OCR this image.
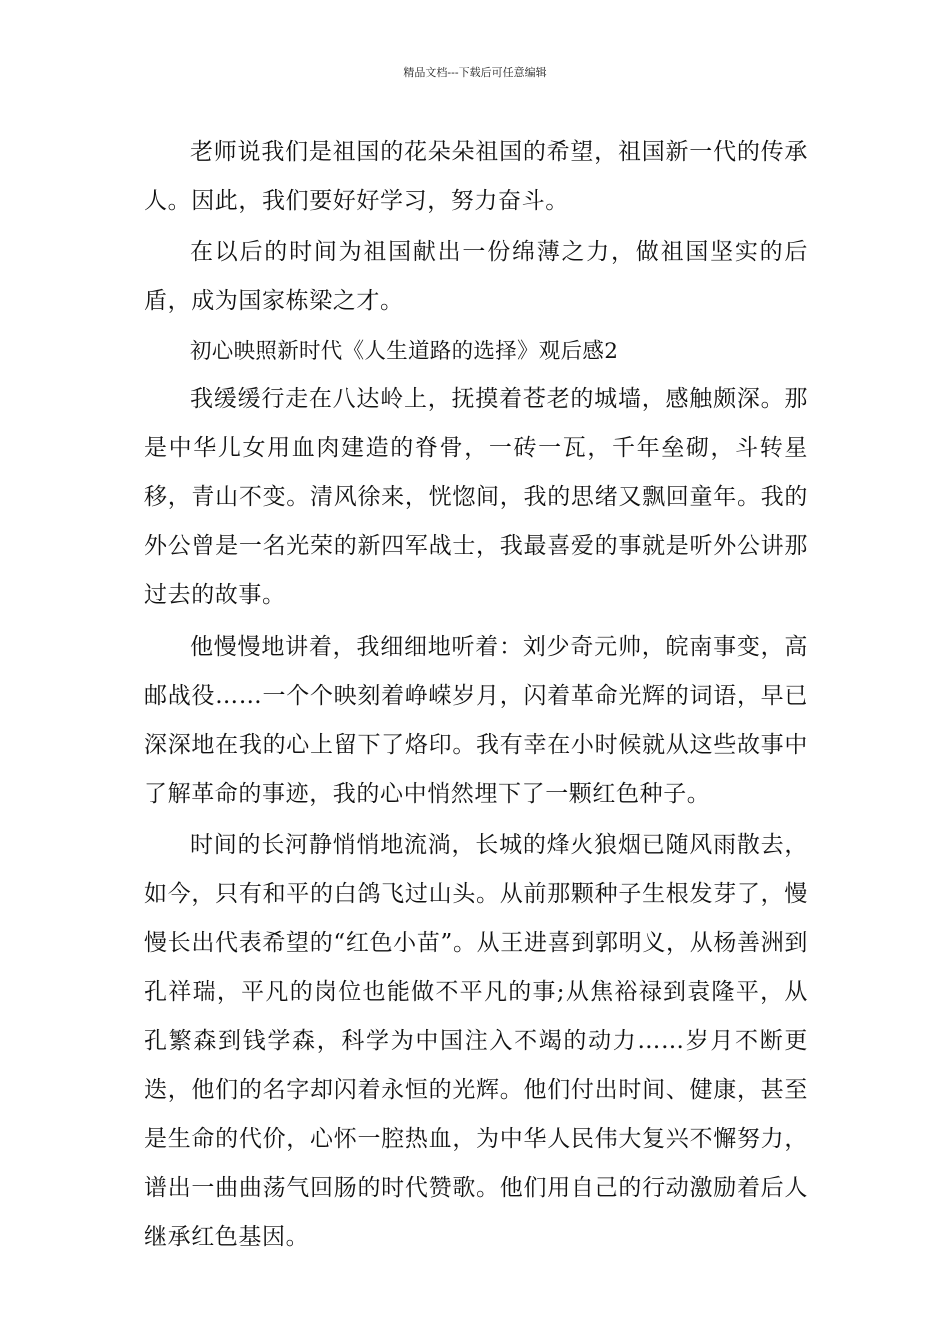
精品文档---下载后可任意编辑

老师说我们是祖国的花朵朵祖国的希望，祖国新一代的传承人。因此，我们要好好学习，努力奋斗。

在以后的时间为祖国献出一份绵薄之力，做祖国坚实的后盾，成为国家栋梁之才。

初心映照新时代《人生道路的选择》观后感2

我缓缓行走在八达岭上，抚摸着苍老的城墙，感触颇深。那是中华儿女用血肉建造的脊骨，一砖一瓦，千年垒砌，斗转星移，青山不变。清风徐来，恍惚间，我的思绪又飘回童年。我的外公曾是一名光荣的新四军战士，我最喜爱的事就是听外公讲那过去的故事。

他慢慢地讲着，我细细地听着：刘少奇元帅，皖南事变，高邮战役……一个个映刻着峥嵘岁月，闪着革命光辉的词语，早已深深地在我的心上留下了烙印。我有幸在小时候就从这些故事中了解革命的事迹，我的心中悄然埋下了一颗红色种子。

时间的长河静悄悄地流淌，长城的烽火狼烟已随风雨散去，如今，只有和平的白鸽飞过山头。从前那颗种子生根发芽了，慢慢长出代表希望的“红色小苗”。从王进喜到郭明义，从杨善洲到孔祥瑞，平凡的岗位也能做不平凡的事;从焦裕禄到袁隆平，从孔繁森到钱学森，科学为中国注入不竭的动力……岁月不断更迭，他们的名字却闪着永恒的光辉。他们付出时间、健康，甚至是生命的代价，心怀一腔热血，为中华人民伟大复兴不懈努力，谱出一曲曲荡气回肠的时代赞歌。他们用自己的行动激励着后人继承红色基因。
